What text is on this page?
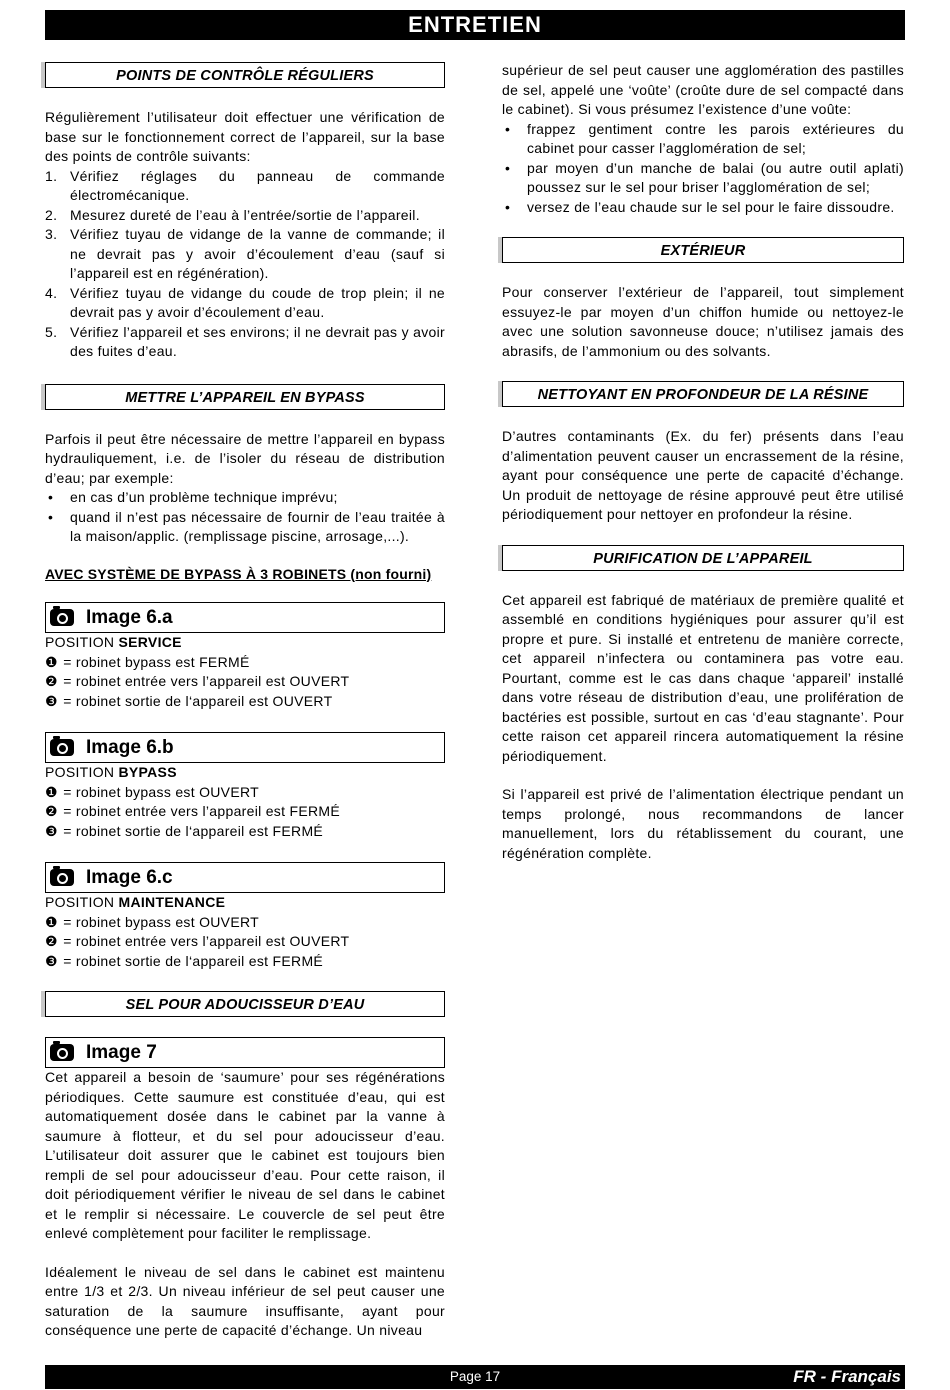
ENTRETIEN
POINTS DE CONTRÔLE RÉGULIERS

Régulièrement l’utilisateur doit effectuer une vérification de base sur le fonctionnement correct de l’appareil, sur la base des points de contrôle suivants:

1. Vérifiez réglages du panneau de commande électromécanique.
2. Mesurez dureté de l’eau à l’entrée/sortie de l’appareil.
3. Vérifiez tuyau de vidange de la vanne de commande; il ne devrait pas y avoir d’écoulement d’eau (sauf si l’appareil est en régénération).
4. Vérifiez tuyau de vidange du coude de trop plein; il ne devrait pas y avoir d’écoulement d’eau.
5. Vérifiez l’appareil et ses environs; il ne devrait pas y avoir des fuites d’eau.
METTRE L’APPAREIL EN BYPASS

Parfois il peut être nécessaire de mettre l’appareil en bypass hydrauliquement, i.e. de l’isoler du réseau de distribution d’eau; par exemple:

• en cas d’un problème technique imprévu;
• quand il n’est pas nécessaire de fournir de l’eau traitée à la maison/applic. (remplissage piscine, arrosage,...).

AVEC SYSTÈME DE BYPASS À 3 ROBINETS (non fourni)

Image 6.a

POSITION SERVICE

❶ = robinet bypass est FERMÉ

❷ = robinet entrée vers l’appareil est OUVERT

❸ = robinet sortie de l‘appareil est OUVERT

Image 6.b

POSITION BYPASS

❶ = robinet bypass est OUVERT

❷ = robinet entrée vers l’appareil est FERMÉ

❸ = robinet sortie de l‘appareil est FERMÉ

Image 6.c

POSITION MAINTENANCE

❶ = robinet bypass est OUVERT

❷ = robinet entrée vers l’appareil est OUVERT

❸ = robinet sortie de l‘appareil est FERMÉ

SEL POUR ADOUCISSEUR D’EAU
Image 7

Cet appareil a besoin de ‘saumure’ pour ses régénérations périodiques. Cette saumure est constituée d’eau, qui est automatiquement dosée dans le cabinet par la vanne à saumure à flotteur, et du sel pour adoucisseur d’eau. L’utilisateur doit assurer que le cabinet est toujours bien rempli de sel pour adoucisseur d’eau. Pour cette raison, il doit périodiquement vérifier le niveau de sel dans le cabinet et le remplir si nécessaire. Le couvercle de sel peut être enlevé complètement pour faciliter le remplissage.

Idéalement le niveau de sel dans le cabinet est maintenu entre 1/3 et 2/3. Un niveau inférieur de sel peut causer une saturation de la saumure insuffisante, ayant pour conséquence une perte de capacité d’échange. Un niveau

supérieur de sel peut causer une agglomération des pastilles de sel, appelé une ‘voûte’ (croûte dure de sel compacté dans le cabinet). Si vous présumez l’existence d’une voûte:

• frappez gentiment contre les parois extérieures du cabinet pour casser l’agglomération de sel;
• par moyen d’un manche de balai (ou autre outil aplati) poussez sur le sel pour briser l’agglomération de sel;
• versez de l’eau chaude sur le sel pour le faire dissoudre.
EXTÉRIEUR

Pour conserver l’extérieur de l’appareil, tout simplement essuyez-le par moyen d’un chiffon humide ou nettoyez-le avec une solution savonneuse douce; n’utilisez jamais des abrasifs, de l’ammonium ou des solvants.

NETTOYANT EN PROFONDEUR DE LA RÉSINE

D’autres contaminants (Ex. du fer) présents dans l’eau d’alimentation peuvent causer un encrassement de la résine, ayant pour conséquence une perte de capacité d’échange. Un produit de nettoyage de résine approuvé peut être utilisé périodiquement pour nettoyer en profondeur la résine.

PURIFICATION DE L’APPAREIL

Cet appareil est fabriqué de matériaux de première qualité et assemblé en conditions hygiéniques pour assurer qu’il est propre et pure. Si installé et entretenu de manière correcte, cet appareil n’infectera ou contaminera pas votre eau. Pourtant, comme est le cas dans chaque ‘appareil’ installé dans votre réseau de distribution d’eau, une prolifération de bactéries est possible, surtout en cas ‘d’eau stagnante’. Pour cette raison cet appareil rincera automatiquement la résine périodiquement.

Si l’appareil est privé de l’alimentation électrique pendant un temps prolongé, nous recommandons de lancer manuellement, lors du rétablissement du courant, une régénération complète.

Page 17	FR - Français
